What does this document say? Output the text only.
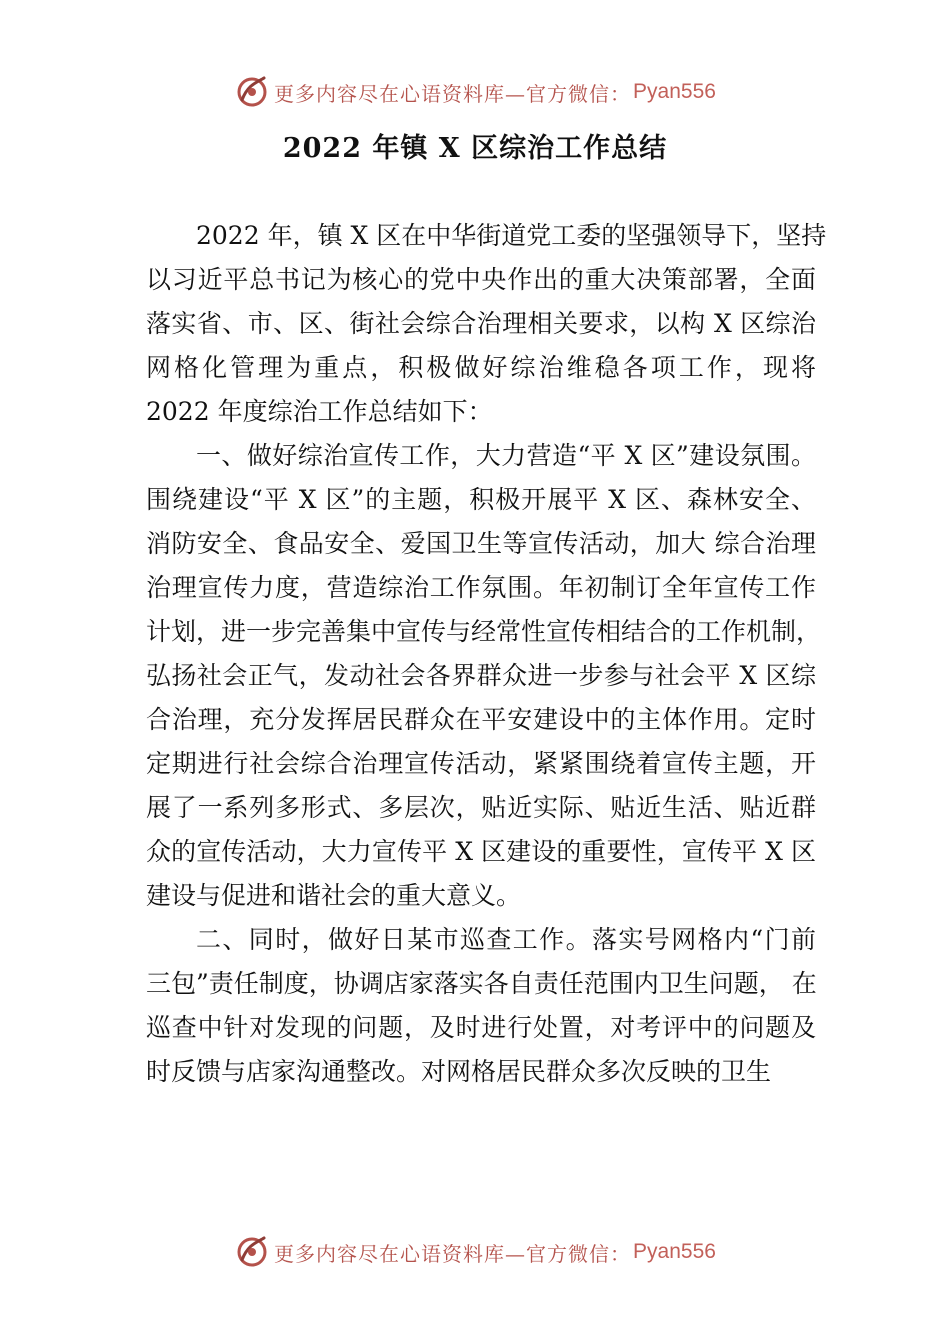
更多内容尽在心语资料库—官方微信： Pyan556
2022 年镇 X 区综治工作总结
2022 年，镇 X 区在中华街道党工委的坚强领导下，坚持
以习近平总书记为核心的党中央作出的重大决策部署，全面
落实省、市、区、街社会综合治理相关要求，以构 X 区综治
网格化管理为重点，积极做好综治维稳各项工作，现将
2022 年度综治工作总结如下：
一、做好综治宣传工作，大力营造“平 X 区”建设氛围。
围绕建设“平 X 区”的主题，积极开展平 X 区、森林安全、
消防安全、食品安全、爱国卫生等宣传活动，加大 综合治理
治理宣传力度，营造综治工作氛围。年初制订全年宣传工作
计划，进一步完善集中宣传与经常性宣传相结合的工作机制，
弘扬社会正气，发动社会各界群众进一步参与社会平 X 区综
合治理，充分发挥居民群众在平安建设中的主体作用。定时
定期进行社会综合治理宣传活动，紧紧围绕着宣传主题，开
展了一系列多形式、多层次，贴近实际、贴近生活、贴近群
众的宣传活动，大力宣传平 X 区建设的重要性，宣传平 X 区
建设与促进和谐社会的重大意义。
二、同时，做好日某市巡查工作。落实号网格内“门前
三包”责任制度，协调店家落实各自责任范围内卫生问题， 在
巡查中针对发现的问题，及时进行处置，对考评中的问题及
时反馈与店家沟通整改。对网格居民群众多次反映的卫生
更多内容尽在心语资料库—官方微信： Pyan556
